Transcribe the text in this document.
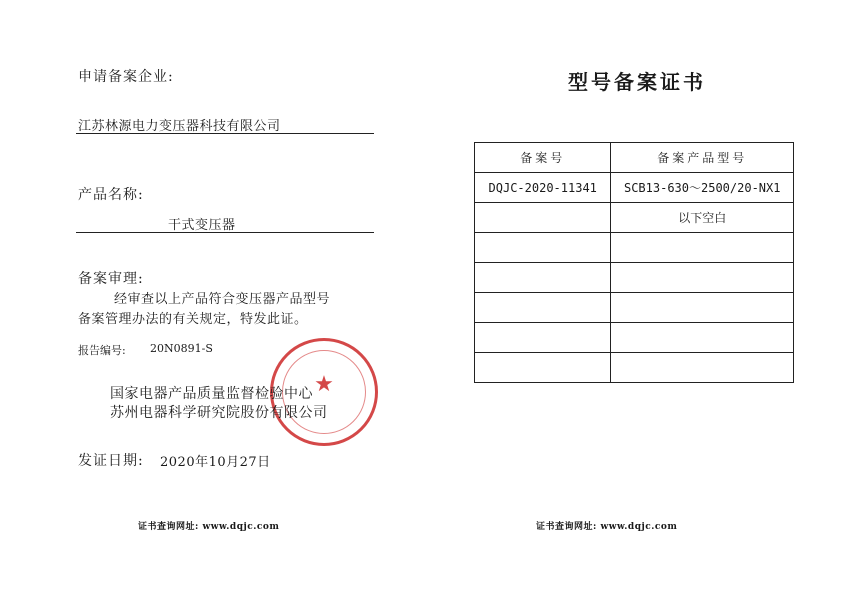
申请备案企业:
江苏林源电力变压器科技有限公司
产品名称:
干式变压器
备案审理:
经审查以上产品符合变压器产品型号
备案管理办法的有关规定，特发此证。
报告编号: 20N0891-S
★
国家电器产品质量监督检验中心
苏州电器科学研究院股份有限公司
发证日期: 2020年10月27日
证书查询网址: www.dqjc.com
型号备案证书
备案号	备案产品型号
DQJC-2020-11341	SCB13-630～2500/20-NX1
	以下空白

证书查询网址: www.dqjc.com
